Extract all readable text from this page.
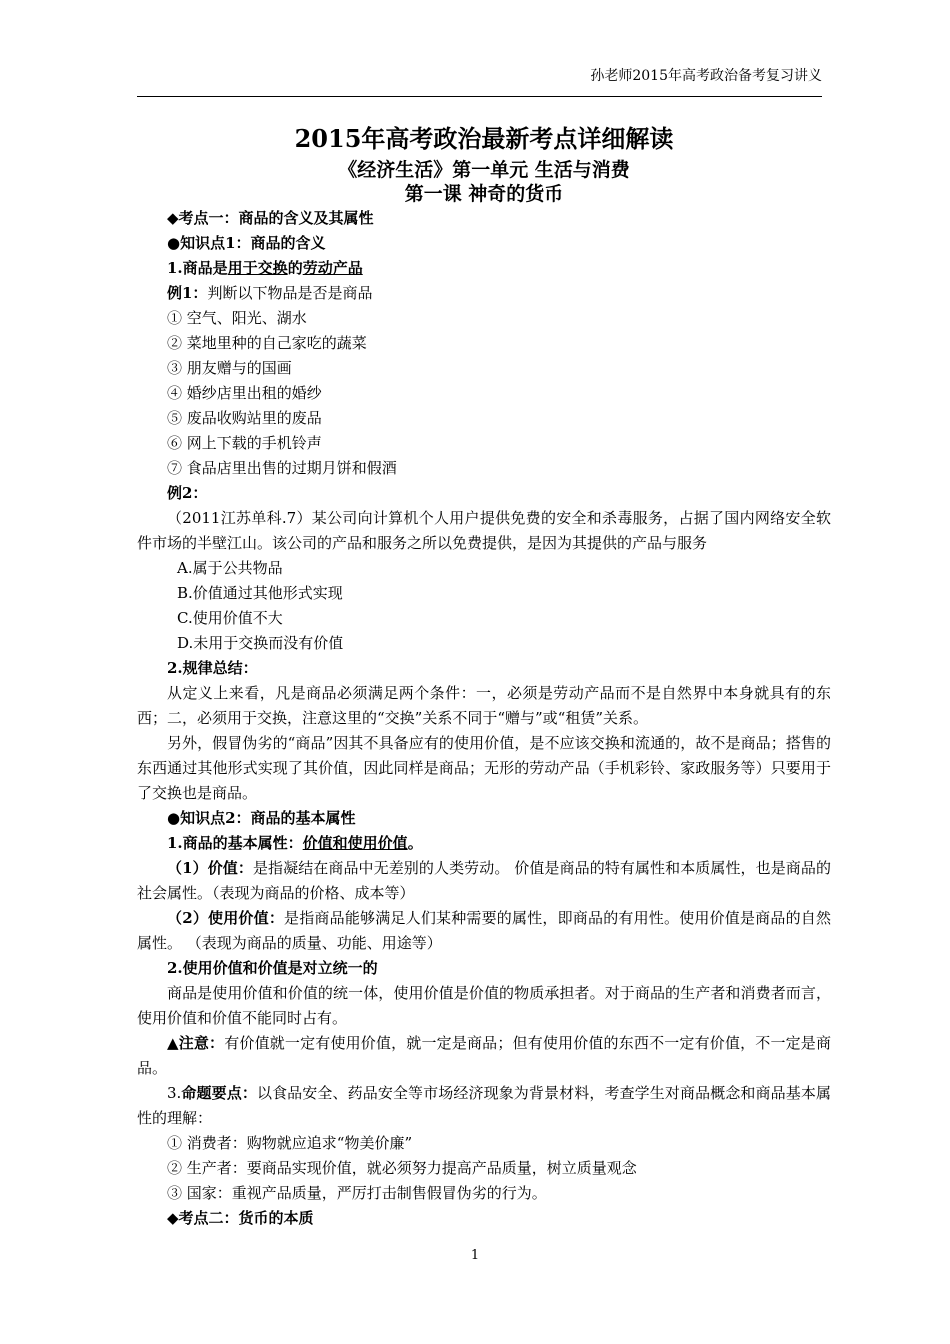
孙老师2015年高考政治备考复习讲义
2015年高考政治最新考点详细解读
《经济生活》第一单元 生活与消费
第一课 神奇的货币

◆考点一：商品的含义及其属性

●知识点1：商品的含义

1.商品是用于交换的劳动产品

例1：判断以下物品是否是商品

① 空气、阳光、湖水

② 菜地里种的自己家吃的蔬菜

③ 朋友赠与的国画

④ 婚纱店里出租的婚纱

⑤ 废品收购站里的废品

⑥ 网上下载的手机铃声

⑦ 食品店里出售的过期月饼和假酒

例2：

（2011江苏单科.7）某公司向计算机个人用户提供免费的安全和杀毒服务，占据了国内网络安全软件市场的半壁江山。该公司的产品和服务之所以免费提供，是因为其提供的产品与服务

A.属于公共物品

B.价值通过其他形式实现

C.使用价值不大

D.未用于交换而没有价值

2.规律总结：

从定义上来看，凡是商品必须满足两个条件：一，必须是劳动产品而不是自然界中本身就具有的东西；二，必须用于交换，注意这里的“交换”关系不同于“赠与”或“租赁”关系。

另外，假冒伪劣的“商品”因其不具备应有的使用价值，是不应该交换和流通的，故不是商品；搭售的东西通过其他形式实现了其价值，因此同样是商品；无形的劳动产品（手机彩铃、家政服务等）只要用于了交换也是商品。

●知识点2：商品的基本属性

1.商品的基本属性：价值和使用价值。

（1）价值：是指凝结在商品中无差别的人类劳动。 价值是商品的特有属性和本质属性，也是商品的社会属性。（表现为商品的价格、成本等）

（2）使用价值：是指商品能够满足人们某种需要的属性，即商品的有用性。使用价值是商品的自然属性。 （表现为商品的质量、功能、用途等）

2.使用价值和价值是对立统一的

商品是使用价值和价值的统一体，使用价值是价值的物质承担者。对于商品的生产者和消费者而言，使用价值和价值不能同时占有。

▲注意：有价值就一定有使用价值，就一定是商品；但有使用价值的东西不一定有价值，不一定是商品。

3.命题要点：以食品安全、药品安全等市场经济现象为背景材料，考查学生对商品概念和商品基本属性的理解：

① 消费者：购物就应追求“物美价廉”

② 生产者：要商品实现价值，就必须努力提高产品质量，树立质量观念

③ 国家：重视产品质量，严厉打击制售假冒伪劣的行为。

◆考点二：货币的本质

1
